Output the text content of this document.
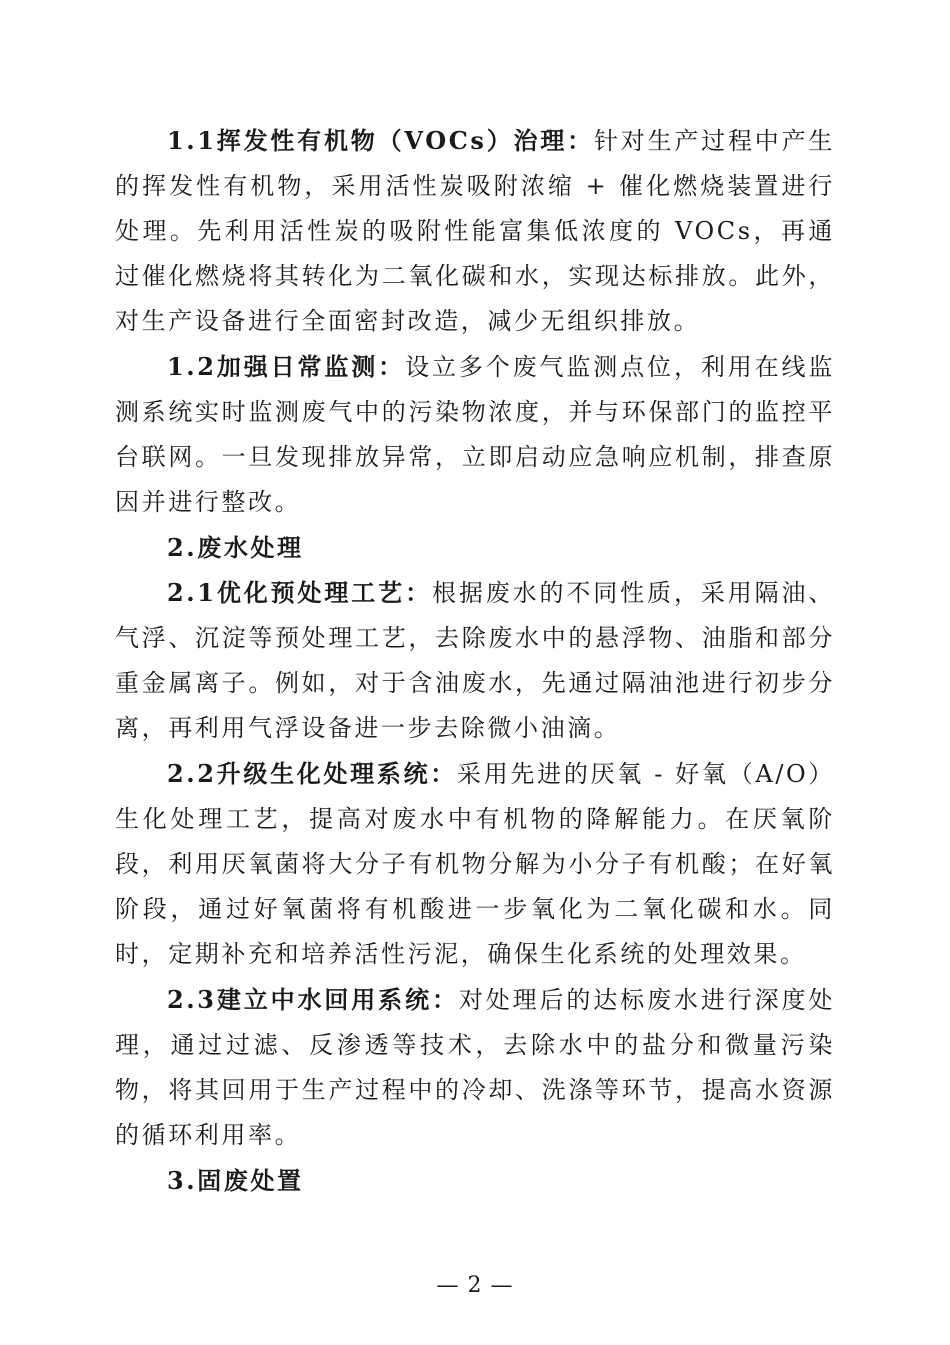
1.1挥发性有机物（VOCs）治理：针对生产过程中产生的挥发性有机物，采用活性炭吸附浓缩 + 催化燃烧装置进行处理。先利用活性炭的吸附性能富集低浓度的 VOCs，再通过催化燃烧将其转化为二氧化碳和水，实现达标排放。此外，对生产设备进行全面密封改造，减少无组织排放。

1.2加强日常监测：设立多个废气监测点位，利用在线监测系统实时监测废气中的污染物浓度，并与环保部门的监控平台联网。一旦发现排放异常，立即启动应急响应机制，排查原因并进行整改。

2.废水处理

2.1优化预处理工艺：根据废水的不同性质，采用隔油、气浮、沉淀等预处理工艺，去除废水中的悬浮物、油脂和部分重金属离子。例如，对于含油废水，先通过隔油池进行初步分离，再利用气浮设备进一步去除微小油滴。

2.2升级生化处理系统：采用先进的厌氧 - 好氧（A/O）生化处理工艺，提高对废水中有机物的降解能力。在厌氧阶段，利用厌氧菌将大分子有机物分解为小分子有机酸；在好氧阶段，通过好氧菌将有机酸进一步氧化为二氧化碳和水。同时，定期补充和培养活性污泥，确保生化系统的处理效果。

2.3建立中水回用系统：对处理后的达标废水进行深度处理，通过过滤、反渗透等技术，去除水中的盐分和微量污染物，将其回用于生产过程中的冷却、洗涤等环节，提高水资源的循环利用率。

3.固废处置

— 2 —
